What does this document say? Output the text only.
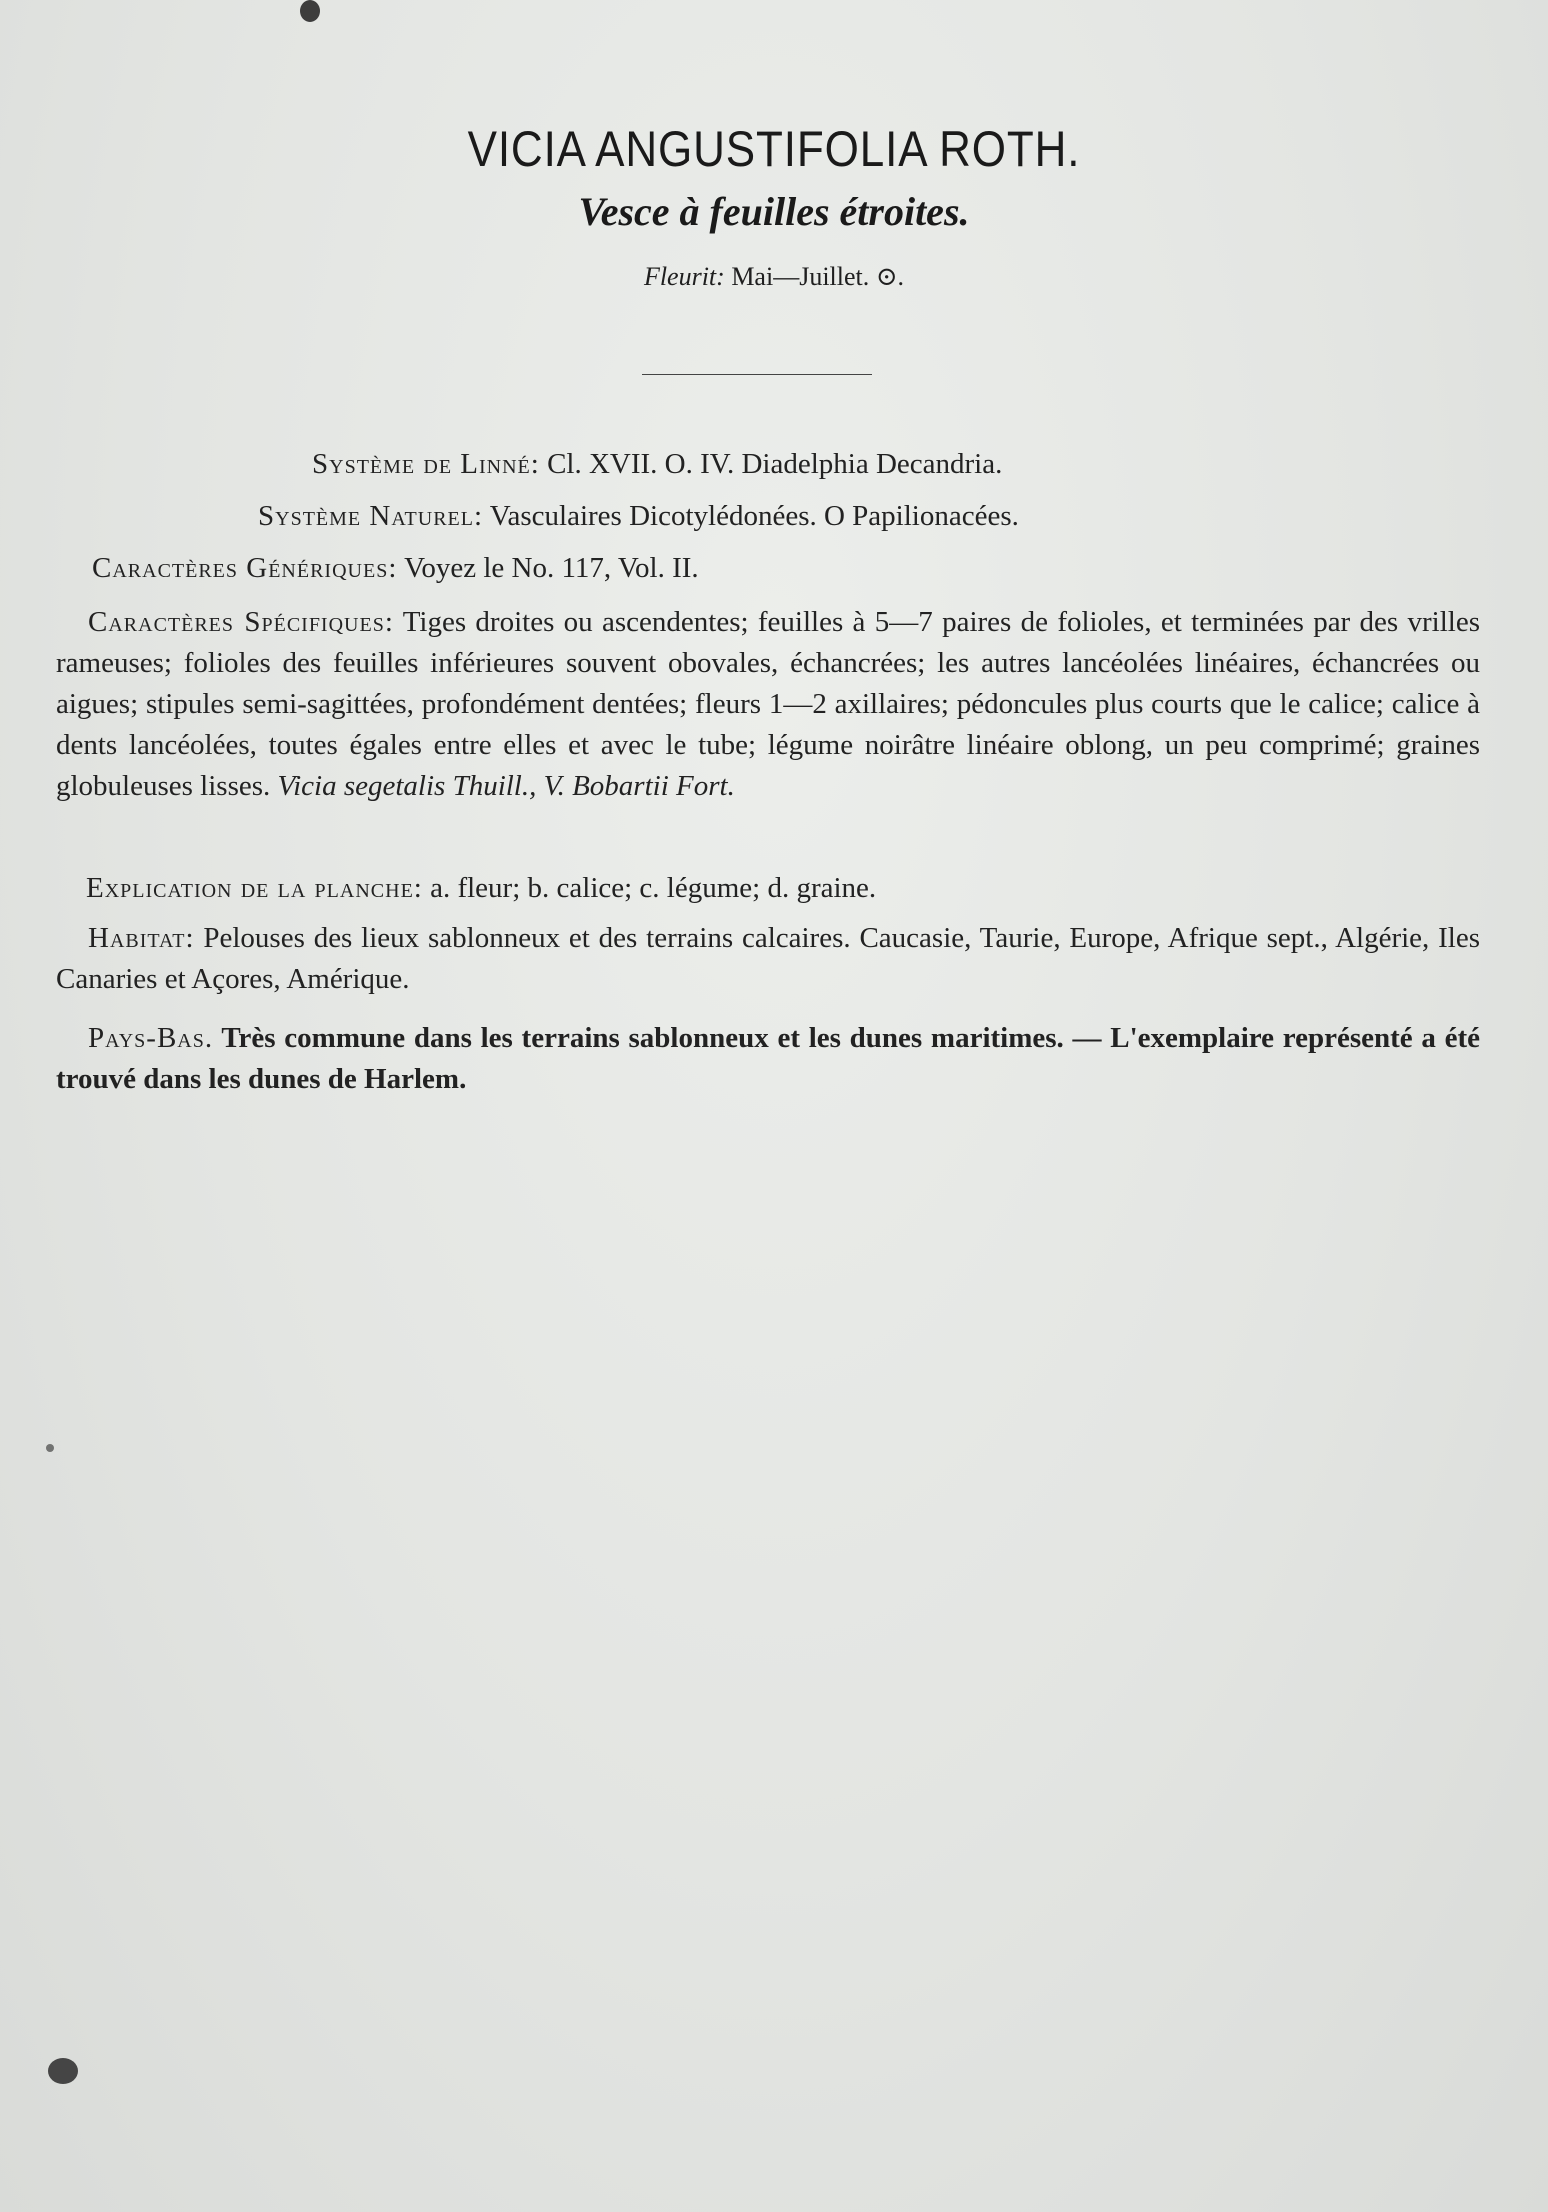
VICIA ANGUSTIFOLIA ROTH.
Vesce à feuilles étroites.
Fleurit: Mai—Juillet. ⊙.
Système de Linné: Cl. XVII. O. IV. Diadelphia Decandria.
Système Naturel: Vasculaires Dicotylédonées. O Papilionacées.
Caractères Génériques: Voyez le No. 117, Vol. II.
Caractères Spécifiques: Tiges droites ou ascendentes; feuilles à 5—7 paires de folioles, et terminées par des vrilles rameuses; folioles des feuilles inférieures souvent obovales, échancrées; les autres lancéolées linéaires, échancrées ou aigues; stipules semi-sagittées, profondément dentées; fleurs 1—2 axillaires; pédoncules plus courts que le calice; calice à dents lancéolées, toutes égales entre elles et avec le tube; légume noirâtre linéaire oblong, un peu comprimé; graines globuleuses lisses. Vicia segetalis Thuill., V. Bobartii Fort.
Explication de la planche: a. fleur; b. calice; c. légume; d. graine.
Habitat: Pelouses des lieux sablonneux et des terrains calcaires. Caucasie, Taurie, Europe, Afrique sept., Algérie, Iles Canaries et Açores, Amérique.
Pays-Bas. Très commune dans les terrains sablonneux et les dunes maritimes. — L'exemplaire représenté a été trouvé dans les dunes de Harlem.
